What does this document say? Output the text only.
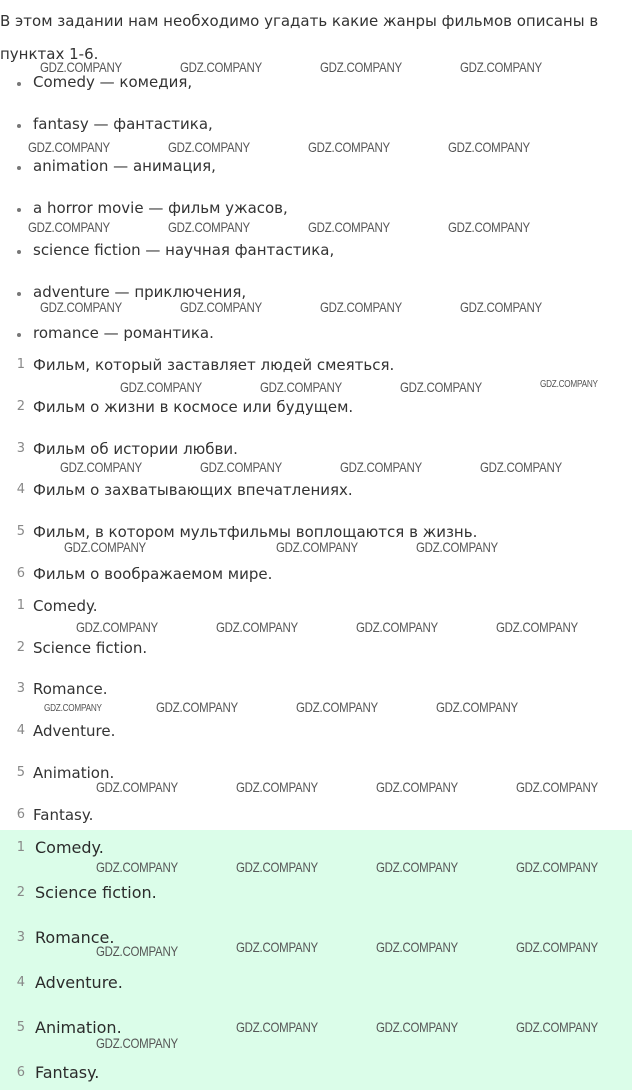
В этом задании нам необходимо угадать какие жанры фильмов описаны в пунктах 1-6.

Comedy — комедия,
fantasy — фантастика,
animation — анимация,
a horror movie — фильм ужасов,
science fiction — научная фантастика,
adventure — приключения,
romance — романтика.
1 Фильм, который заставляет людей смеяться.
2 Фильм о жизни в космосе или будущем.
3 Фильм об истории любви.
4 Фильм о захватывающих впечатлениях.
5 Фильм, в котором мультфильмы воплощаются в жизнь.
6 Фильм о воображаемом мире.
1 Comedy.
2 Science fiction.
3 Romance.
4 Adventure.
5 Animation.
6 Fantasy.
1 Comedy.
2 Science fiction.
3 Romance.
4 Adventure.
5 Animation.
6 Fantasy.
GDZ.COMPANY	GDZ.COMPANY	GDZ.COMPANY	GDZ.COMPANY
GDZ.COMPANY	GDZ.COMPANY	GDZ.COMPANY	GDZ.COMPANY
GDZ.COMPANY	GDZ.COMPANY	GDZ.COMPANY	GDZ.COMPANY
GDZ.COMPANY	GDZ.COMPANY	GDZ.COMPANY	GDZ.COMPANY
GDZ.COMPANY	GDZ.COMPANY	GDZ.COMPANY	GDZ.COMPANY
GDZ.COMPANY	GDZ.COMPANY	GDZ.COMPANY	GDZ.COMPANY
GDZ.COMPANY	GDZ.COMPANY	GDZ.COMPANY
GDZ.COMPANY	GDZ.COMPANY	GDZ.COMPANY	GDZ.COMPANY
GDZ.COMPANY	GDZ.COMPANY	GDZ.COMPANY	GDZ.COMPANY
GDZ.COMPANY	GDZ.COMPANY	GDZ.COMPANY	GDZ.COMPANY
GDZ.COMPANY	GDZ.COMPANY	GDZ.COMPANY	GDZ.COMPANY
GDZ.COMPANY	GDZ.COMPANY	GDZ.COMPANY	GDZ.COMPANY
GDZ.COMPANY	GDZ.COMPANY	GDZ.COMPANY
GDZ.COMPANY
